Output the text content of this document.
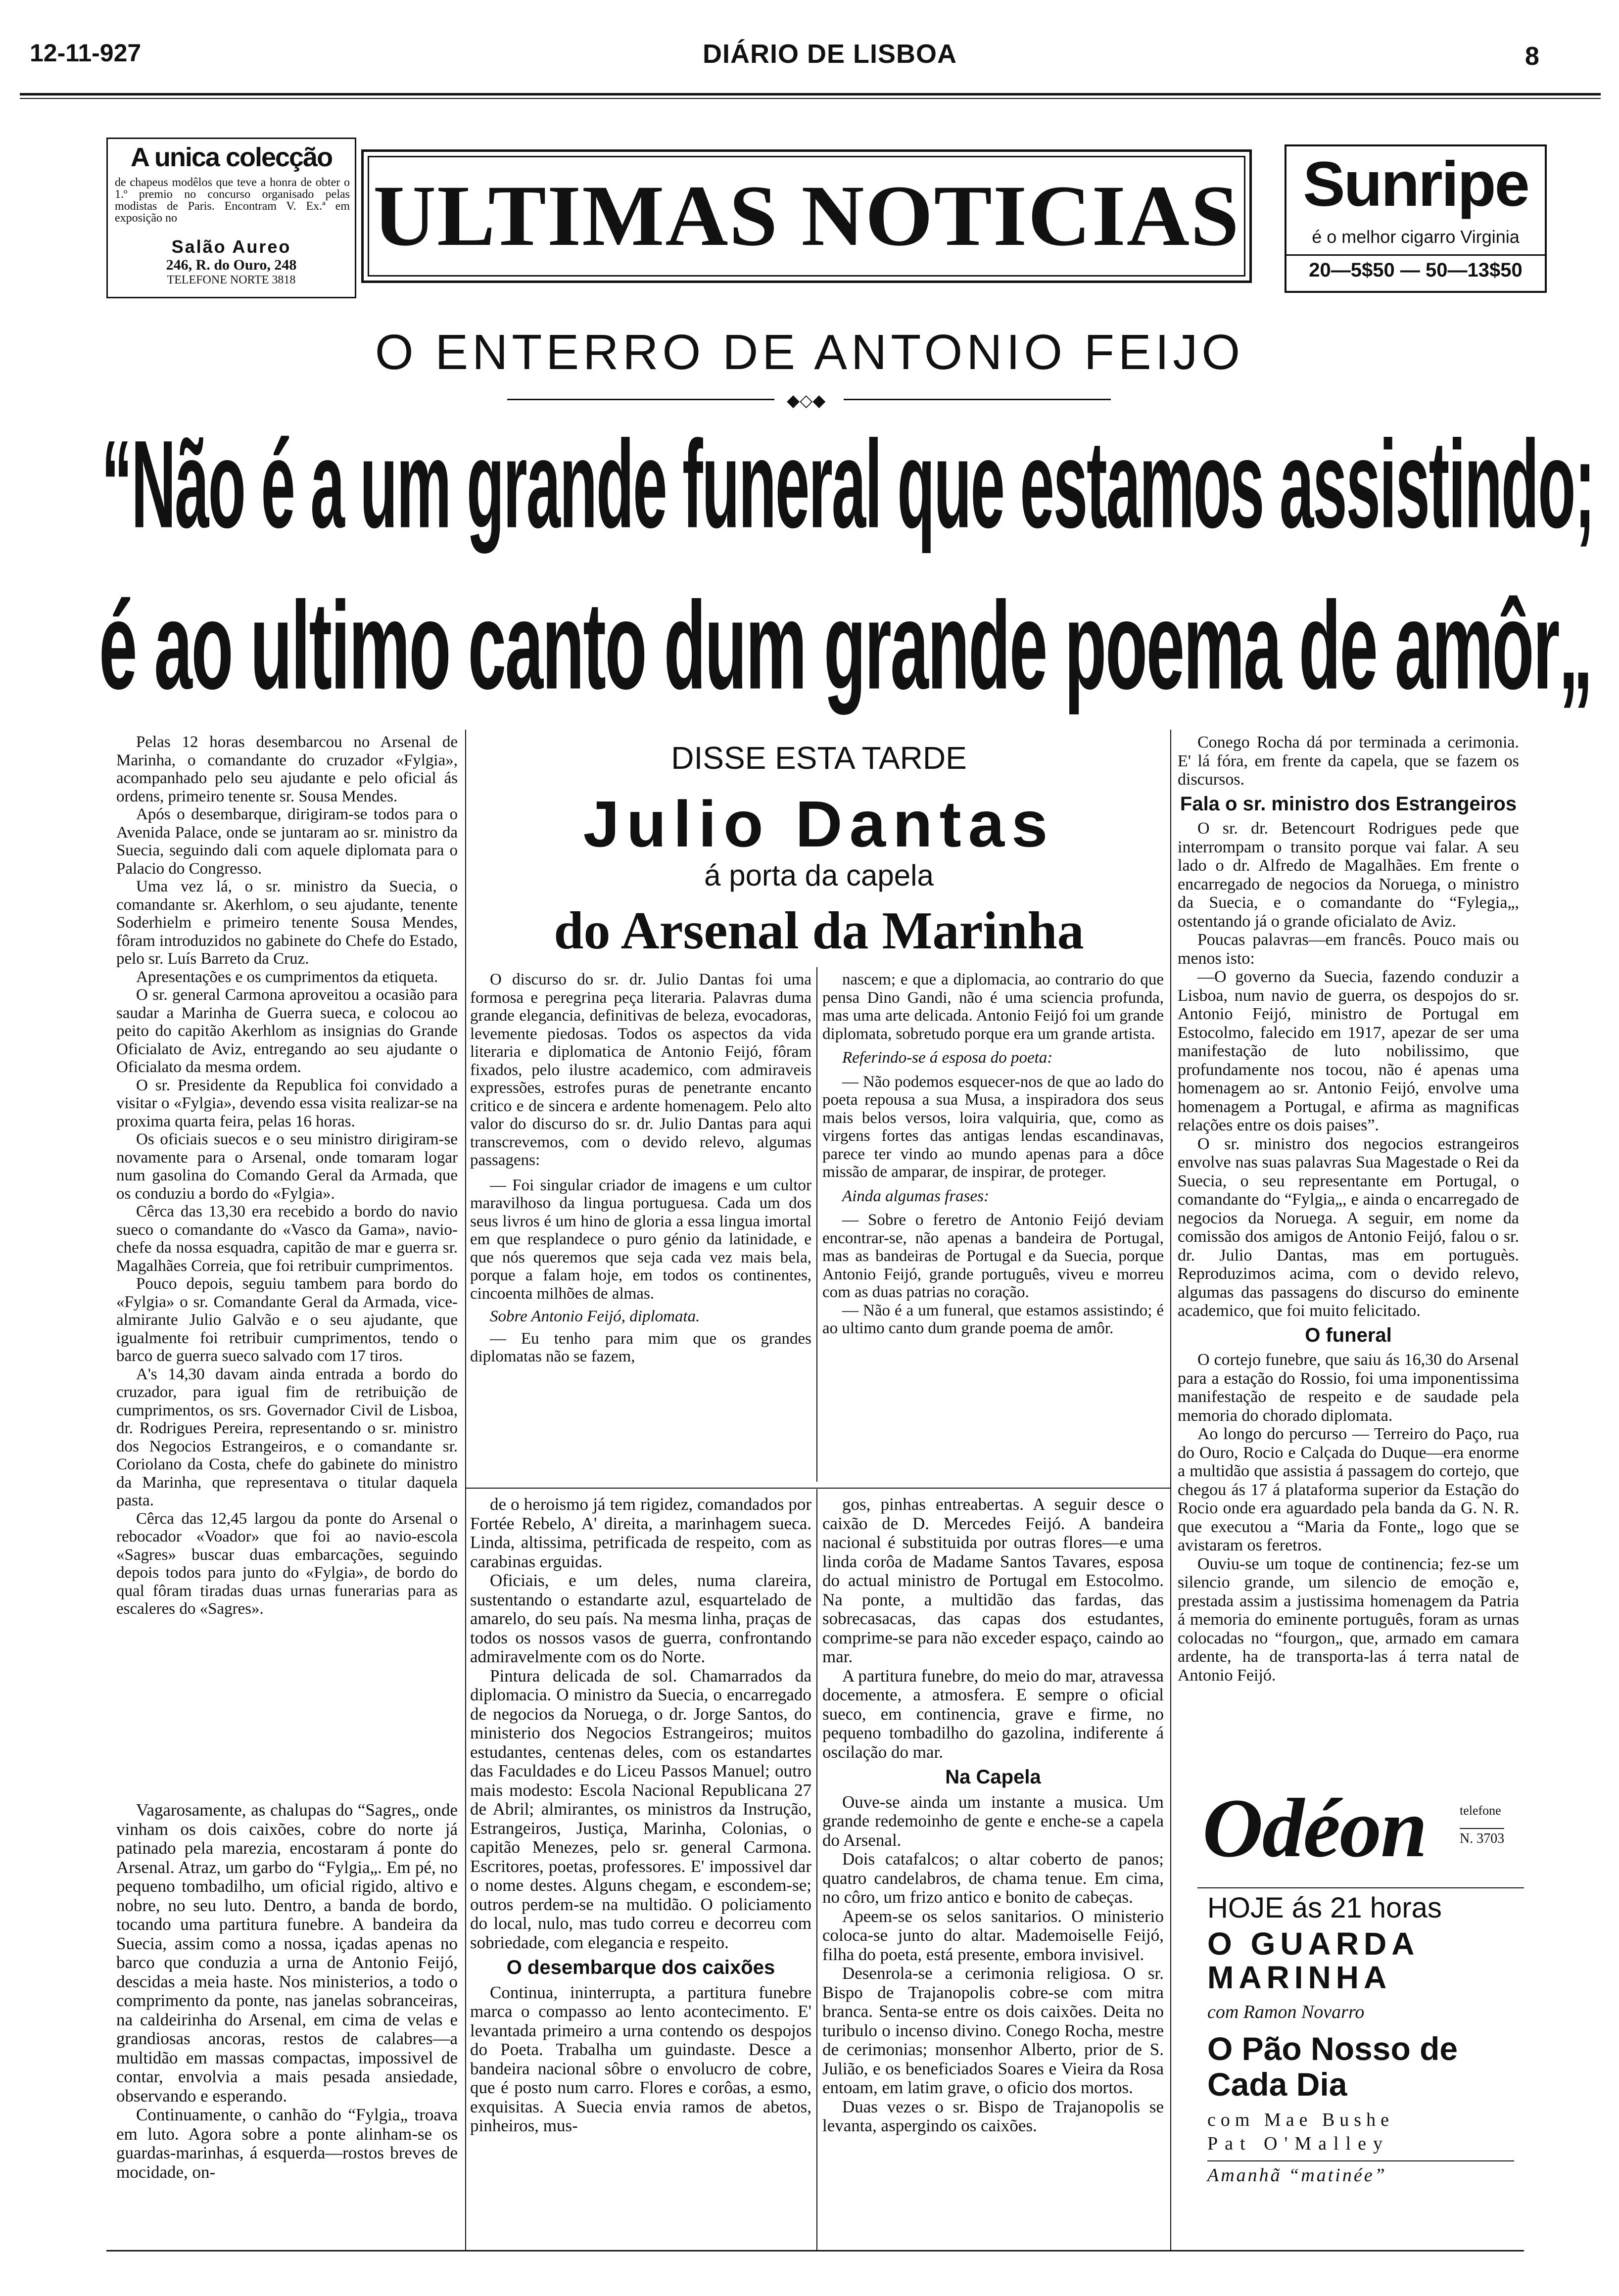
12-11-927	DIÁRIO DE LISBOA	8
A unica colecção
de chapeus modêlos que teve a honra de obter o 1.º premio no concurso organisado pelas modistas de Paris. Encontram V. Ex.ª em exposição no
Salão Aureo
246, R. do Ouro, 248
TELEFONE NORTE 3818
ULTIMAS NOTICIAS Sunripe
é o melhor cigarro Virginia
20—5$50 — 50—13$50
O ENTERRO DE ANTONIO FEIJO
◆◇◆
“Não é a um grande funeral que estamos assistindo;
é ao ultimo canto dum grande poema de amôr„

Pelas 12 horas desembarcou no Arsenal de Marinha, o comandante do cruzador «Fylgia», acompanhado pelo seu ajudante e pelo oficial ás ordens, primeiro tenente sr. Sousa Mendes.

Após o desembarque, dirigiram-se todos para o Avenida Palace, onde se juntaram ao sr. ministro da Suecia, seguindo dali com aquele diplomata para o Palacio do Congresso.

Uma vez lá, o sr. ministro da Suecia, o comandante sr. Akerhlom, o seu ajudante, tenente Soderhielm e primeiro tenente Sousa Mendes, fôram introduzidos no gabinete do Chefe do Estado, pelo sr. Luís Barreto da Cruz.

Apresentações e os cumprimentos da etiqueta.

O sr. general Carmona aproveitou a ocasião para saudar a Marinha de Guerra sueca, e colocou ao peito do capitão Akerhlom as insignias do Grande Oficialato de Aviz, entregando ao seu ajudante o Oficialato da mesma ordem.

O sr. Presidente da Republica foi convidado a visitar o «Fylgia», devendo essa visita realizar-se na proxima quarta feira, pelas 16 horas.

Os oficiais suecos e o seu ministro dirigiram-se novamente para o Arsenal, onde tomaram logar num gasolina do Comando Geral da Armada, que os conduziu a bordo do «Fylgia».

Cêrca das 13,30 era recebido a bordo do navio sueco o comandante do «Vasco da Gama», navio-chefe da nossa esquadra, capitão de mar e guerra sr. Magalhães Correia, que foi retribuir cumprimentos.

Pouco depois, seguiu tambem para bordo do «Fylgia» o sr. Comandante Geral da Armada, vice-almirante Julio Galvão e o seu ajudante, que igualmente foi retribuir cumprimentos, tendo o barco de guerra sueco salvado com 17 tiros.

A's 14,30 davam ainda entrada a bordo do cruzador, para igual fim de retribuição de cumprimentos, os srs. Governador Civil de Lisboa, dr. Rodrigues Pereira, representando o sr. ministro dos Negocios Estrangeiros, e o comandante sr. Coriolano da Costa, chefe do gabinete do ministro da Marinha, que representava o titular daquela pasta.

Cêrca das 12,45 largou da ponte do Arsenal o rebocador «Voador» que foi ao navio-escola «Sagres» buscar duas embarcações, seguindo depois todos para junto do «Fylgia», de bordo do qual fôram tiradas duas urnas funerarias para as escaleres do «Sagres».

Vagarosamente, as chalupas do “Sagres„ onde vinham os dois caixões, cobre do norte já patinado pela marezia, encostaram á ponte do Arsenal. Atraz, um garbo do “Fylgia„. Em pé, no pequeno tombadilho, um oficial rigido, altivo e nobre, no seu luto. Dentro, a banda de bordo, tocando uma partitura funebre. A bandeira da Suecia, assim como a nossa, içadas apenas no barco que conduzia a urna de Antonio Feijó, descidas a meia haste. Nos ministerios, a todo o comprimento da ponte, nas janelas sobranceiras, na caldeirinha do Arsenal, em cima de velas e grandiosas ancoras, restos de calabres—a multidão em massas compactas, impossivel de contar, envolvia a mais pesada ansiedade, observando e esperando.

Continuamente, o canhão do “Fylgia„ troava em luto. Agora sobre a ponte alinham-se os guardas-marinhas, á esquerda—rostos breves de mocidade, on-

DISSE ESTA TARDE
Julio Dantas
á porta da capela
do Arsenal da Marinha

O discurso do sr. dr. Julio Dantas foi uma formosa e peregrina peça literaria. Palavras duma grande elegancia, definitivas de beleza, evocadoras, levemente piedosas. Todos os aspectos da vida literaria e diplomatica de Antonio Feijó, fôram fixados, pelo ilustre academico, com admiraveis expressões, estrofes puras de penetrante encanto critico e de sincera e ardente homenagem. Pelo alto valor do discurso do sr. dr. Julio Dantas para aqui transcrevemos, com o devido relevo, algumas passagens:

— Foi singular criador de imagens e um cultor maravilhoso da lingua portuguesa. Cada um dos seus livros é um hino de gloria a essa lingua imortal em que resplandece o puro génio da latinidade, e que nós queremos que seja cada vez mais bela, porque a falam hoje, em todos os continentes, cincoenta milhões de almas.

Sobre Antonio Feijó, diplomata.

— Eu tenho para mim que os grandes diplomatas não se fazem,

nascem; e que a diplomacia, ao contrario do que pensa Dino Gandi, não é uma sciencia profunda, mas uma arte delicada. Antonio Feijó foi um grande diplomata, sobretudo porque era um grande artista.

Referindo-se á esposa do poeta:

— Não podemos esquecer-nos de que ao lado do poeta repousa a sua Musa, a inspiradora dos seus mais belos versos, loira valquiria, que, como as virgens fortes das antigas lendas escandinavas, parece ter vindo ao mundo apenas para a dôce missão de amparar, de inspirar, de proteger.

Ainda algumas frases:

— Sobre o feretro de Antonio Feijó deviam encontrar-se, não apenas a bandeira de Portugal, mas as bandeiras de Portugal e da Suecia, porque Antonio Feijó, grande português, viveu e morreu com as duas patrias no coração.

— Não é a um funeral, que estamos assistindo; é ao ultimo canto dum grande poema de amôr.

Conego Rocha dá por terminada a cerimonia. E' lá fóra, em frente da capela, que se fazem os discursos.

Fala o sr. ministro dos Estrangeiros

O sr. dr. Betencourt Rodrigues pede que interrompam o transito porque vai falar. A seu lado o dr. Alfredo de Magalhães. Em frente o encarregado de negocios da Noruega, o ministro da Suecia, e o comandante do “Fylegia„, ostentando já o grande oficialato de Aviz.

Poucas palavras—em francês. Pouco mais ou menos isto:

—O governo da Suecia, fazendo conduzir a Lisboa, num navio de guerra, os despojos do sr. Antonio Feijó, ministro de Portugal em Estocolmo, falecido em 1917, apezar de ser uma manifestação de luto nobilissimo, que profundamente nos tocou, não é apenas uma homenagem ao sr. Antonio Feijó, envolve uma homenagem a Portugal, e afirma as magnificas relações entre os dois paises”.

O sr. ministro dos negocios estrangeiros envolve nas suas palavras Sua Magestade o Rei da Suecia, o seu representante em Portugal, o comandante do “Fylgia„, e ainda o encarregado de negocios da Noruega. A seguir, em nome da comissão dos amigos de Antonio Feijó, falou o sr. dr. Julio Dantas, mas em portuguès. Reproduzimos acima, com o devido relevo, algumas das passagens do discurso do eminente academico, que foi muito felicitado.

O funeral

O cortejo funebre, que saiu ás 16,30 do Arsenal para a estação do Rossio, foi uma imponentissima manifestação de respeito e de saudade pela memoria do chorado diplomata.

Ao longo do percurso — Terreiro do Paço, rua do Ouro, Rocio e Calçada do Duque—era enorme a multidão que assistia á passagem do cortejo, que chegou ás 17 á plataforma superior da Estação do Rocio onde era aguardado pela banda da G. N. R. que executou a “Maria da Fonte„ logo que se avistaram os feretros.

Ouviu-se um toque de continencia; fez-se um silencio grande, um silencio de emoção e, prestada assim a justissima homenagem da Patria á memoria do eminente português, foram as urnas colocadas no “fourgon„ que, armado em camara ardente, ha de transporta-las á terra natal de Antonio Feijó.

de o heroismo já tem rigidez, comandados por Fortée Rebelo, A' direita, a marinhagem sueca. Linda, altissima, petrificada de respeito, com as carabinas erguidas.

Oficiais, e um deles, numa clareira, sustentando o estandarte azul, esquartelado de amarelo, do seu país. Na mesma linha, praças de todos os nossos vasos de guerra, confrontando admiravelmente com os do Norte.

Pintura delicada de sol. Chamarrados da diplomacia. O ministro da Suecia, o encarregado de negocios da Noruega, o dr. Jorge Santos, do ministerio dos Negocios Estrangeiros; muitos estudantes, centenas deles, com os estandartes das Faculdades e do Liceu Passos Manuel; outro mais modesto: Escola Nacional Republicana 27 de Abril; almirantes, os ministros da Instrução, Estrangeiros, Justiça, Marinha, Colonias, o capitão Menezes, pelo sr. general Carmona. Escritores, poetas, professores. E' impossivel dar o nome destes. Alguns chegam, e escondem-se; outros perdem-se na multidão. O policiamento do local, nulo, mas tudo correu e decorreu com sobriedade, com elegancia e respeito.

O desembarque dos caixões

Continua, ininterrupta, a partitura funebre marca o compasso ao lento acontecimento. E' levantada primeiro a urna contendo os despojos do Poeta. Trabalha um guindaste. Desce a bandeira nacional sôbre o envolucro de cobre, que é posto num carro. Flores e corôas, a esmo, exquisitas. A Suecia envia ramos de abetos, pinheiros, mus-

gos, pinhas entreabertas. A seguir desce o caixão de D. Mercedes Feijó. A bandeira nacional é substituida por outras flores—e uma linda corôa de Madame Santos Tavares, esposa do actual ministro de Portugal em Estocolmo. Na ponte, a multidão das fardas, das sobrecasacas, das capas dos estudantes, comprime-se para não exceder espaço, caindo ao mar.

A partitura funebre, do meio do mar, atravessa docemente, a atmosfera. E sempre o oficial sueco, em continencia, grave e firme, no pequeno tombadilho do gazolina, indiferente á oscilação do mar.

Na Capela

Ouve-se ainda um instante a musica. Um grande redemoinho de gente e enche-se a capela do Arsenal.

Dois catafalcos; o altar coberto de panos; quatro candelabros, de chama tenue. Em cima, no côro, um frizo antico e bonito de cabeças.

Apeem-se os selos sanitarios. O ministerio coloca-se junto do altar. Mademoiselle Feijó, filha do poeta, está presente, embora invisivel.

Desenrola-se a cerimonia religiosa. O sr. Bispo de Trajanopolis cobre-se com mitra branca. Senta-se entre os dois caixões. Deita no turibulo o incenso divino. Conego Rocha, mestre de cerimonias; monsenhor Alberto, prior de S. Julião, e os beneficiados Soares e Vieira da Rosa entoam, em latim grave, o oficio dos mortos.

Duas vezes o sr. Bispo de Trajanopolis se levanta, aspergindo os caixões.

Odéon	telefone
N. 3703
HOJE ás 21 horas
O GUARDA MARINHA
com Ramon Novarro
O Pão Nosso de Cada Dia
com Mae Bushe
Pat O'Malley
Amanhã “matinée”
